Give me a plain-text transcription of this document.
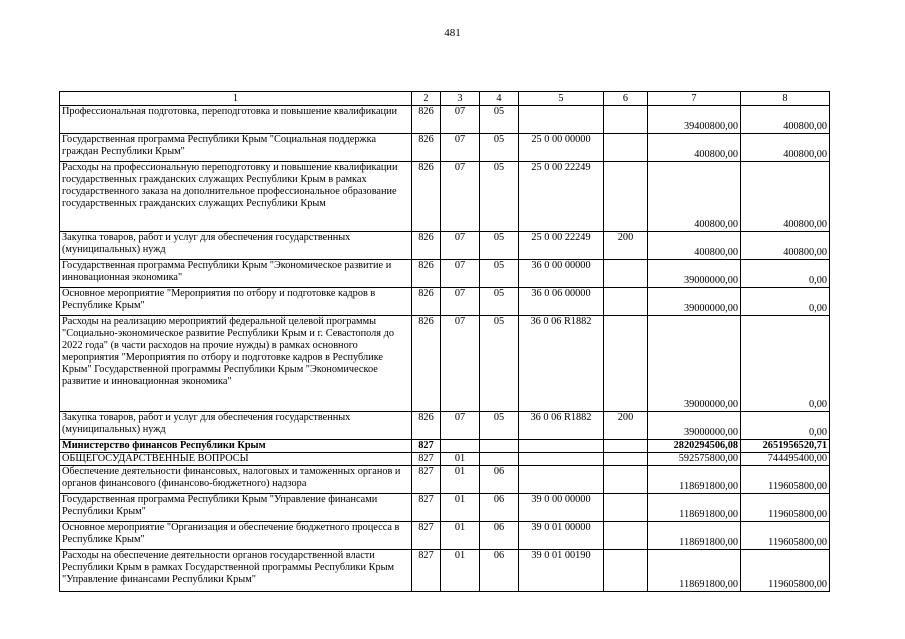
481
1	2	3	4	5	6	7	8
Профессиональная подготовка, переподготовка и повышение квалификации	826	07	05			39400800,00	400800,00
Государственная программа Республики Крым "Социальная поддержка граждан Республики Крым"	826	07	05	25 0 00 00000		400800,00	400800,00
Расходы на профессиональную переподготовку и повышение квалификации государственных гражданских служащих Республики Крым в рамках государственного заказа на дополнительное профессиональное образование государственных гражданских служащих Республики Крым	826	07	05	25 0 00 22249		400800,00	400800,00
Закупка товаров, работ и услуг для обеспечения государственных (муниципальных) нужд	826	07	05	25 0 00 22249	200	400800,00	400800,00
Государственная программа Республики Крым "Экономическое развитие и инновационная экономика"	826	07	05	36 0 00 00000		39000000,00	0,00
Основное мероприятие "Мероприятия по отбору и подготовке кадров в Республике Крым"	826	07	05	36 0 06 00000		39000000,00	0,00
Расходы на реализацию мероприятий федеральной целевой программы "Социально-экономическое развитие Республики Крым и г. Севастополя до 2022 года" (в части расходов на прочие нужды) в рамках основного мероприятия "Мероприятия по отбору и подготовке кадров в Республике Крым" Государственной программы Республики Крым "Экономическое развитие и инновационная экономика"	826	07	05	36 0 06 R1882		39000000,00	0,00
Закупка товаров, работ и услуг для обеспечения государственных (муниципальных) нужд	826	07	05	36 0 06 R1882	200	39000000,00	0,00
Министерство финансов Республики Крым	827					2820294506,08	2651956520,71
ОБЩЕГОСУДАРСТВЕННЫЕ ВОПРОСЫ	827	01				592575800,00	744495400,00
Обеспечение деятельности финансовых, налоговых и таможенных органов и органов финансового (финансово-бюджетного) надзора	827	01	06			118691800,00	119605800,00
Государственная программа Республики Крым "Управление финансами Республики Крым"	827	01	06	39 0 00 00000		118691800,00	119605800,00
Основное мероприятие "Организация и обеспечение бюджетного процесса в Республике Крым"	827	01	06	39 0 01 00000		118691800,00	119605800,00
Расходы на обеспечение деятельности органов государственной власти Республики Крым в рамках Государственной программы Республики Крым "Управление финансами Республики Крым"	827	01	06	39 0 01 00190		118691800,00	119605800,00
